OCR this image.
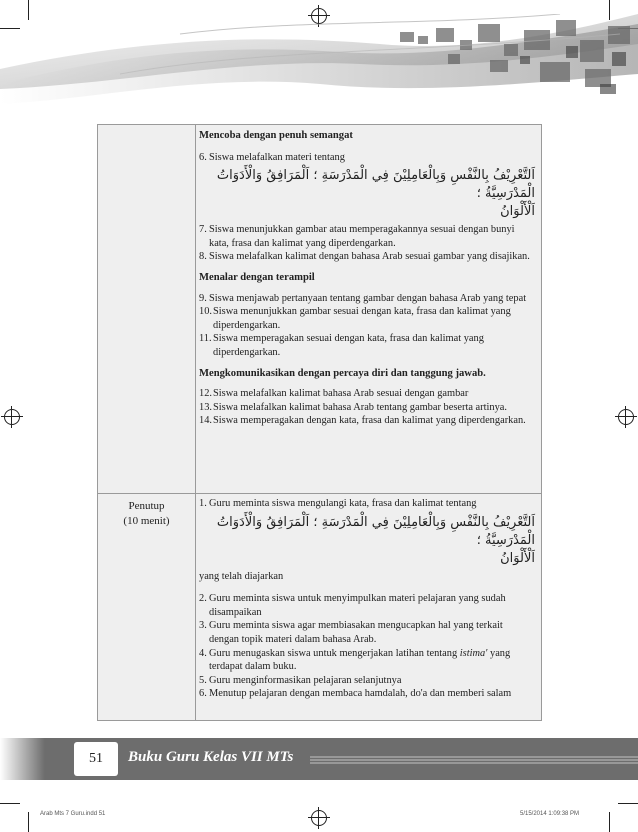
Mencoba dengan penuh semangat
6. Siswa melafalkan materi tentang
اَلتَّعْرِيْفُ بِالنَّفْسِ وَبِالْعَامِلِيْنَ فِي الْمَدْرَسَةِ ؛ اَلْمَرَافِقُ وَالْأَدَوَاتُ الْمَدْرَسِيَّةُ ؛
اَلْأَلْوَانُ
7. Siswa menunjukkan gambar atau memperagakannya sesuai dengan bunyi kata, frasa dan kalimat yang diperdengarkan.
8. Siswa melafalkan kalimat dengan bahasa Arab sesuai gambar yang disajikan.
Menalar dengan terampil
9. Siswa menjawab pertanyaan tentang gambar dengan bahasa Arab yang tepat
10. Siswa menunjukkan gambar sesuai dengan kata, frasa dan kalimat yang diperdengarkan.
11. Siswa memperagakan sesuai dengan kata, frasa dan kalimat yang diperdengarkan.
Mengkomunikasikan dengan percaya diri dan tanggung jawab.
12. Siswa melafalkan kalimat bahasa Arab sesuai dengan gambar
13. Siswa melafalkan kalimat bahasa Arab tentang gambar beserta artinya.
14. Siswa memperagakan dengan kata, frasa dan kalimat yang diperdengarkan.
Penutup
(10 menit)
1. Guru meminta siswa mengulangi kata, frasa dan kalimat tentang
اَلتَّعْرِيْفُ بِالنَّفْسِ وَبِالْعَامِلِيْنَ فِي الْمَدْرَسَةِ ؛ اَلْمَرَافِقُ وَالْأَدَوَاتُ الْمَدْرَسِيَّةُ ؛
اَلْأَلْوَانُ
yang telah diajarkan
2. Guru meminta siswa untuk menyimpulkan materi pelajaran yang sudah disampaikan
3. Guru meminta siswa agar membiasakan mengucapkan hal yang terkait dengan topik materi dalam bahasa Arab.
4. Guru menugaskan siswa untuk mengerjakan latihan tentang istima' yang terdapat dalam buku.
5. Guru menginformasikan pelajaran selanjutnya
6. Menutup pelajaran dengan membaca hamdalah, do'a dan memberi salam
51	Buku Guru Kelas VII MTs
Arab Mts 7 Guru.indd 51	5/15/2014 1:09:38 PM
